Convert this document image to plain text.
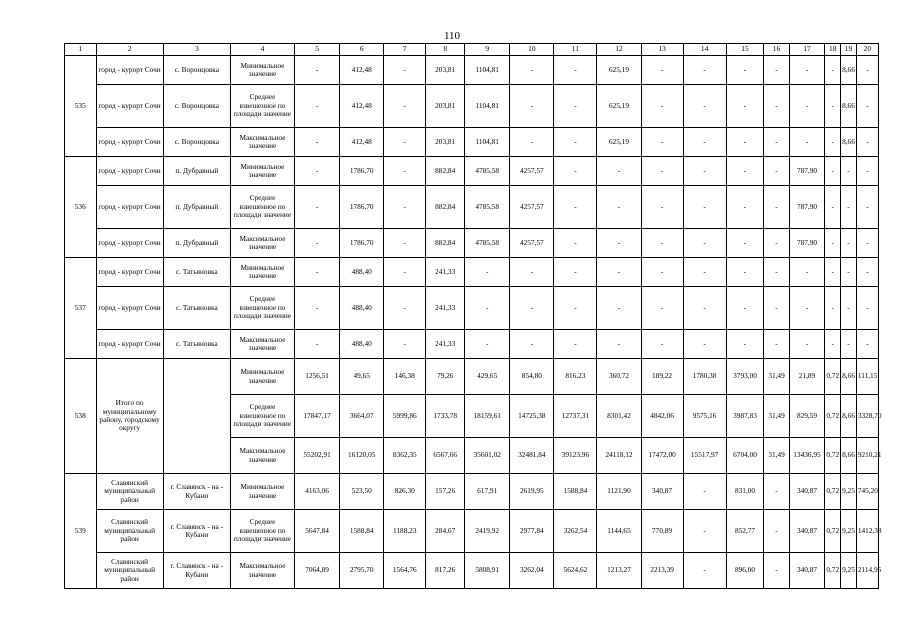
110
1	2	3	4	5	6	7	8	9	10	11	12	13	14	15	16	17	18	19	20
535	город - курорт Сочи	с. Воронцовка	Минимальное значение	-	412,48	-	203,81	1104,81	-	-	625,19	-	-	-	-	-	-	8,66	-
	город - курорт Сочи	с. Воронцовка	Среднее взвешенное по площади значение	-	412,48	-	203,81	1104,81	-	-	625,19	-	-	-	-	-	-	8,66	-
	город - курорт Сочи	с. Воронцовка	Максимальное значение	-	412,48	-	203,81	1104,81	-	-	625,19	-	-	-	-	-	-	8,66	-
536	город - курорт Сочи	п. Дубравный	Минимальное значение	-	1786,70	-	882,84	4785,58	4257,57	-	-	-	-	-	-	787,90	-	-	-
	город - курорт Сочи	п. Дубравный	Среднее взвешенное по площади значение	-	1786,70	-	882,84	4785,58	4257,57	-	-	-	-	-	-	787,90	-	-	-
	город - курорт Сочи	п. Дубравный	Максимальное значение	-	1786,70	-	882,84	4785,58	4257,57	-	-	-	-	-	-	787,90	-	-	-
537	город - курорт Сочи	с. Татьяновка	Минимальное значение	-	488,40	-	241,33	-	-	-	-	-	-	-	-	-	-	-	-
	город - курорт Сочи	с. Татьяновка	Среднее взвешенное по площади значение	-	488,40	-	241,33	-	-	-	-	-	-	-	-	-	-	-	-
	город - курорт Сочи	с. Татьяновка	Максимальное значение	-	488,40	-	241,33	-	-	-	-	-	-	-	-	-	-	-	-
538	Итого по муниципальному району, городскому округу		Минимальное значение	1256,51	49,65	146,38	79,26	429,65	854,80	816,23	360,72	189,22	1780,38	3793,00	31,49	21,89	0,72	8,66	111,15
			Среднее взвешенное по площади значение	17847,17	3664,07	5999,86	1733,78	18159,61	14725,38	12737,31	8301,42	4842,06	9575,16	3987,83	31,49	829,59	0,72	8,66	3328,70
			Максимальное значение	55202,91	16120,05	8362,35	6567,66	35601,02	32481,84	39123,96	24118,12	17472,00	15517,97	6704,00	31,49	13436,95	0,72	8,66	9210,21
539	Славянский муниципальный район	г. Славянск - на - Кубани	Минимальное значение	4163,06	523,50	826,30	157,26	617,91	2619,95	1588,84	1121,90	340,87	-	831,00	-	340,87	0,72	9,25	745,20
	Славянский муниципальный район	г. Славянск - на - Кубани	Среднее взвешенное по площади значение	5647,84	1588,84	1188,23	284,67	2419,92	2977,84	3262,54	1144,65	770,89	-	852,77	-	340,87	0,72	9,25	1412,38
	Славянский муниципальный район	г. Славянск - на - Кубани	Максимальное значение	7064,89	2795,70	1564,76	817,26	5808,91	3262,04	5624,62	1213,27	2213,39	-	896,00	-	340,87	0,72	9,25	2114,95
